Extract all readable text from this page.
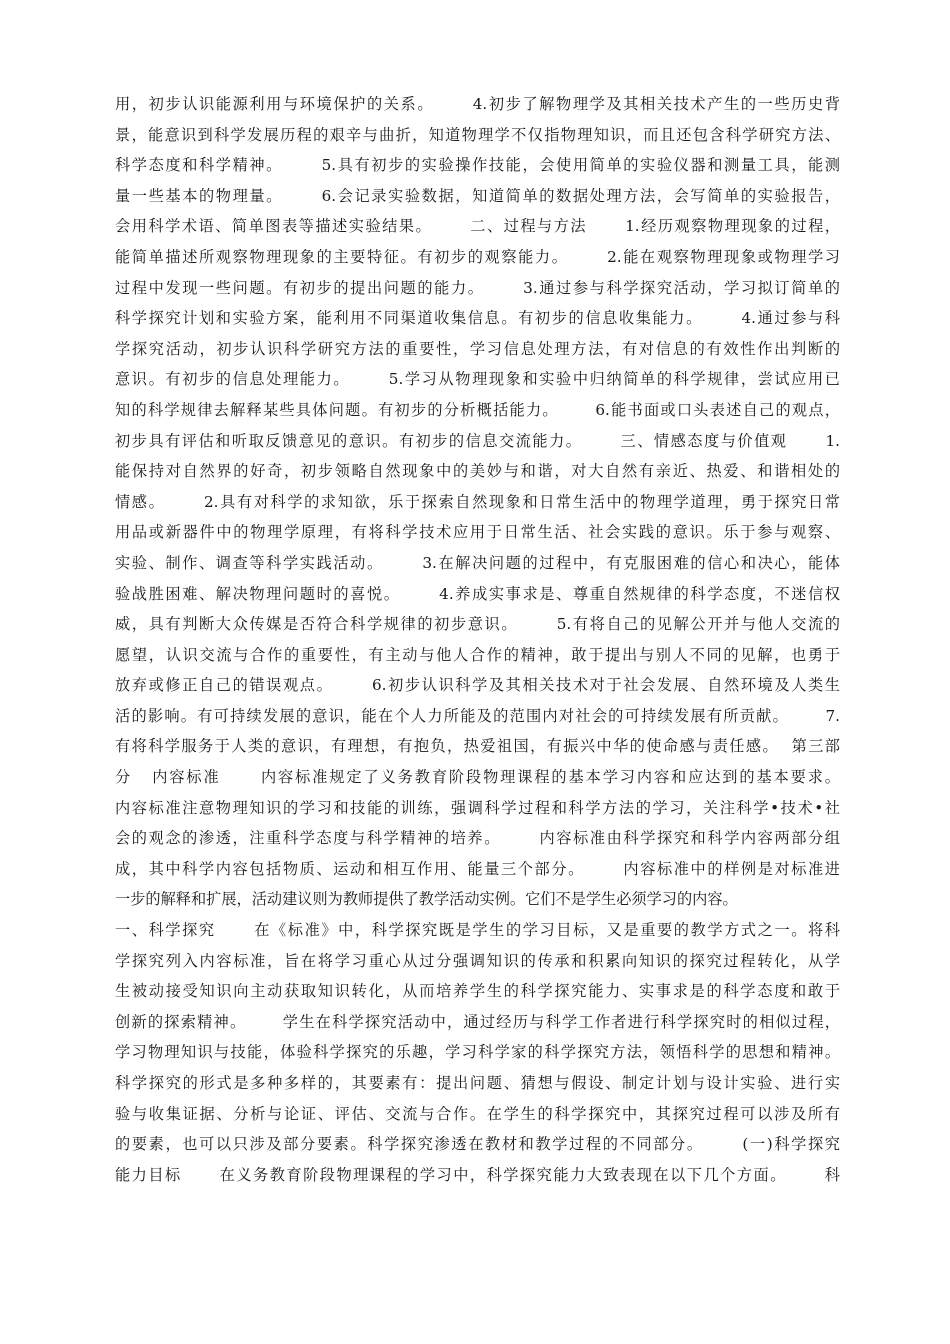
用，初步认识能源利用与环境保护的关系。      4.初步了解物理学及其相关技术产生的一些历史背
景，能意识到科学发展历程的艰辛与曲折，知道物理学不仅指物理知识，而且还包含科学研究方法、
科学态度和科学精神。      5.具有初步的实验操作技能，会使用简单的实验仪器和测量工具，能测
量一些基本的物理量。      6.会记录实验数据，知道简单的数据处理方法，会写简单的实验报告，
会用科学术语、简单图表等描述实验结果。      二、过程与方法      1.经历观察物理现象的过程，
能简单描述所观察物理现象的主要特征。有初步的观察能力。      2.能在观察物理现象或物理学习
过程中发现一些问题。有初步的提出问题的能力。      3.通过参与科学探究活动，学习拟订简单的
科学探究计划和实验方案，能利用不同渠道收集信息。有初步的信息收集能力。      4.通过参与科
学探究活动，初步认识科学研究方法的重要性，学习信息处理方法，有对信息的有效性作出判断的
意识。有初步的信息处理能力。      5.学习从物理现象和实验中归纳简单的科学规律，尝试应用已
知的科学规律去解释某些具体问题。有初步的分析概括能力。      6.能书面或口头表述自己的观点，
初步具有评估和听取反馈意见的意识。有初步的信息交流能力。      三、情感态度与价值观      1.
能保持对自然界的好奇，初步领略自然现象中的美妙与和谐，对大自然有亲近、热爱、和谐相处的
情感。      2.具有对科学的求知欲，乐于探索自然现象和日常生活中的物理学道理，勇于探究日常
用品或新器件中的物理学原理，有将科学技术应用于日常生活、社会实践的意识。乐于参与观察、
实验、制作、调查等科学实践活动。      3.在解决问题的过程中，有克服困难的信心和决心，能体
验战胜困难、解决物理问题时的喜悦。      4.养成实事求是、尊重自然规律的科学态度，不迷信权
威，具有判断大众传媒是否符合科学规律的初步意识。      5.有将自己的见解公开并与他人交流的
愿望，认识交流与合作的重要性，有主动与他人合作的精神，敢于提出与别人不同的见解，也勇于
放弃或修正自己的错误观点。      6.初步认识科学及其相关技术对于社会发展、自然环境及人类生
活的影响。有可持续发展的意识，能在个人力所能及的范围内对社会的可持续发展有所贡献。      7.
有将科学服务于人类的意识，有理想，有抱负，热爱祖国，有振兴中华的使命感与责任感。  第三部
分   内容标准      内容标准规定了义务教育阶段物理课程的基本学习内容和应达到的基本要求。
内容标准注意物理知识的学习和技能的训练，强调科学过程和科学方法的学习，关注科学•技术•社
会的观念的渗透，注重科学态度与科学精神的培养。      内容标准由科学探究和科学内容两部分组
成，其中科学内容包括物质、运动和相互作用、能量三个部分。      内容标准中的样例是对标准进
一步的解释和扩展，活动建议则为教师提供了教学活动实例。它们不是学生必须学习的内容。
一、科学探究      在《标准》中，科学探究既是学生的学习目标，又是重要的教学方式之一。将科
学探究列入内容标准，旨在将学习重心从过分强调知识的传承和积累向知识的探究过程转化，从学
生被动接受知识向主动获取知识转化，从而培养学生的科学探究能力、实事求是的科学态度和敢于
创新的探索精神。      学生在科学探究活动中，通过经历与科学工作者进行科学探究时的相似过程，
学习物理知识与技能，体验科学探究的乐趣，学习科学家的科学探究方法，领悟科学的思想和精神。
科学探究的形式是多种多样的，其要素有：提出问题、猜想与假设、制定计划与设计实验、进行实
验与收集证据、分析与论证、评估、交流与合作。在学生的科学探究中，其探究过程可以涉及所有
的要素，也可以只涉及部分要素。科学探究渗透在教材和教学过程的不同部分。      (一)科学探究
能力目标      在义务教育阶段物理课程的学习中，科学探究能力大致表现在以下几个方面。      科
